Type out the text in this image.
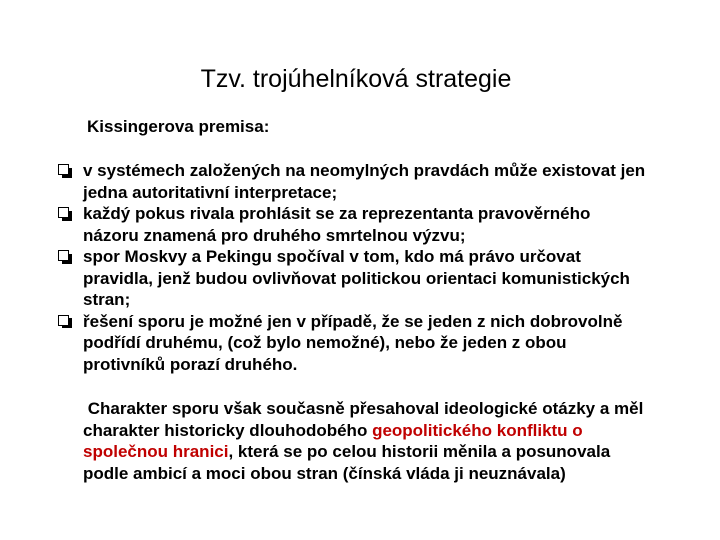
Tzv. trojúhelníková strategie

Kissingerova premisa:

v systémech založených na neomylných pravdách může existovat jen
jedna autoritativní interpretace;
každý pokus rivala prohlásit se za reprezentanta pravověrného
názoru znamená pro druhého smrtelnou výzvu;
spor Moskvy a Pekingu spočíval v tom, kdo má právo určovat
pravidla, jenž budou ovlivňovat politickou orientaci komunistických
stran;
řešení sporu je možné jen v případě, že se jeden z nich dobrovolně
podřídí druhému, (což bylo nemožné), nebo že jeden z obou
protivníků porazí druhého.

Charakter sporu však současně přesahoval ideologické otázky a měl
charakter historicky dlouhodobého geopolitického konfliktu o
společnou hranici, která se po celou historii měnila a posunovala
podle ambicí a moci obou stran (čínská vláda ji neuznávala)
